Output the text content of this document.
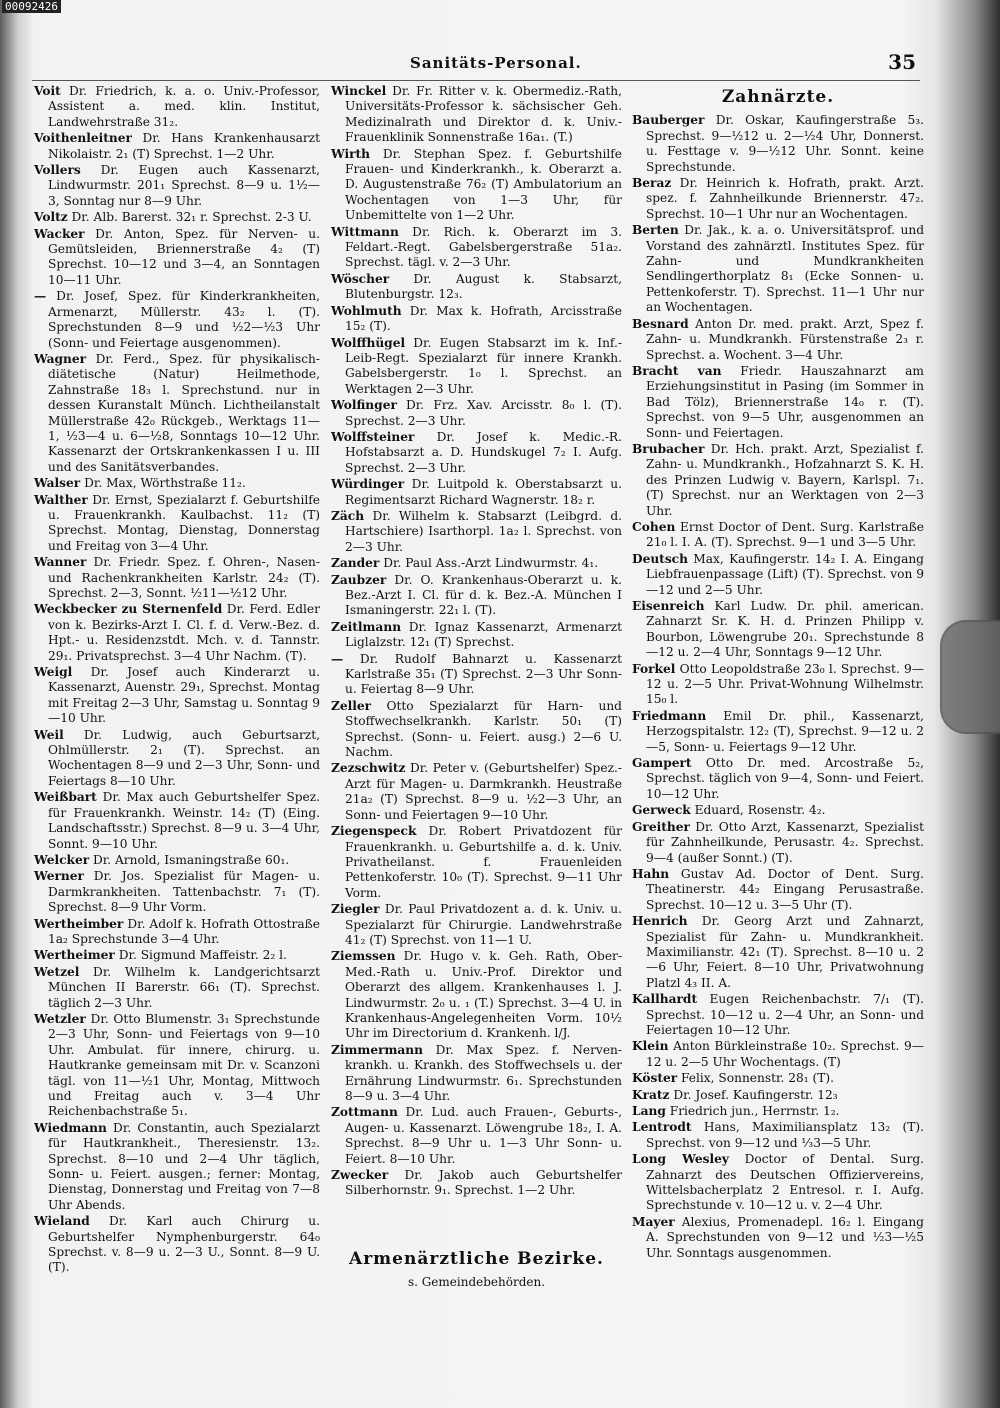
00092426
Sanitäts-Personal.	35

Voit Dr. Friedrich, k. a. o. Univ.-Professor, Assistent a. med. klin. Institut, Landwehrstraße 31₂.

Voithenleitner Dr. Hans Krankenhausarzt Nikolaistr. 2₁ (T) Sprechst. 1—2 Uhr.

Vollers Dr. Eugen auch Kassenarzt, Lindwurmstr. 201₁ Sprechst. 8—9 u. 1½—3, Sonntag nur 8—9 Uhr.

Voltz Dr. Alb. Barerst. 32₁ r. Sprechst. 2-3 U.

Wacker Dr. Anton, Spez. für Nerven- u. Gemütsleiden, Briennerstraße 4₂ (T) Sprechst. 10—12 und 3—4, an Sonntagen 10—11 Uhr.

— Dr. Josef, Spez. für Kinderkrankheiten, Armenarzt, Müllerstr. 43₂ l. (T). Sprechstunden 8—9 und ½2—½3 Uhr (Sonn- und Feiertage ausgenommen).

Wagner Dr. Ferd., Spez. für physikalisch-diätetische (Natur) Heilmethode, Zahnstraße 18₃ l. Sprechstund. nur in dessen Kuranstalt Münch. Lichtheilanstalt Müllerstraße 42₀ Rückgeb., Werktags 11—1, ½3—4 u. 6—½8, Sonntags 10—12 Uhr. Kassenarzt der Ortskrankenkassen I u. III und des Sanitätsverbandes.

Walser Dr. Max, Wörthstraße 11₂.

Walther Dr. Ernst, Spezialarzt f. Geburtshilfe u. Frauenkrankh. Kaulbachst. 11₂ (T) Sprechst. Montag, Dienstag, Donnerstag und Freitag von 3—4 Uhr.

Wanner Dr. Friedr. Spez. f. Ohren-, Nasen- und Rachenkrankheiten Karlstr. 24₂ (T). Sprechst. 2—3, Sonnt. ½11—½12 Uhr.

Weckbecker zu Sternenfeld Dr. Ferd. Edler von k. Bezirks-Arzt I. Cl. f. d. Verw.-Bez. d. Hpt.- u. Residenzstdt. Mch. v. d. Tannstr. 29₁. Privatsprechst. 3—4 Uhr Nachm. (T).

Weigl Dr. Josef auch Kinderarzt u. Kassenarzt, Auenstr. 29₁, Sprechst. Montag mit Freitag 2—3 Uhr, Samstag u. Sonntag 9—10 Uhr.

Weil Dr. Ludwig, auch Geburtsarzt, Ohlmüllerstr. 2₁ (T). Sprechst. an Wochentagen 8—9 und 2—3 Uhr, Sonn- und Feiertags 8—10 Uhr.

Weißbart Dr. Max auch Geburtshelfer Spez. für Frauenkrankh. Weinstr. 14₂ (T) (Eing. Landschaftsstr.) Sprechst. 8—9 u. 3—4 Uhr, Sonnt. 9—10 Uhr.

Welcker Dr. Arnold, Ismaningstraße 60₁.

Werner Dr. Jos. Spezialist für Magen- u. Darmkrankheiten. Tattenbachstr. 7₁ (T). Sprechst. 8—9 Uhr Vorm.

Wertheimber Dr. Adolf k. Hofrath Ottostraße 1a₂ Sprechstunde 3—4 Uhr.

Wertheimer Dr. Sigmund Maffeistr. 2₂ l.

Wetzel Dr. Wilhelm k. Landgerichtsarzt München II Barerstr. 66₁ (T). Sprechst. täglich 2—3 Uhr.

Wetzler Dr. Otto Blumenstr. 3₁ Sprechstunde 2—3 Uhr, Sonn- und Feiertags von 9—10 Uhr. Ambulat. für innere, chirurg. u. Hautkranke gemeinsam mit Dr. v. Scanzoni tägl. von 11—½1 Uhr, Montag, Mittwoch und Freitag auch v. 3—4 Uhr Reichenbachstraße 5₁.

Wiedmann Dr. Constantin, auch Spezialarzt für Hautkrankheit., Theresienstr. 13₂. Sprechst. 8—10 und 2—4 Uhr täglich, Sonn- u. Feiert. ausgen.; ferner: Montag, Dienstag, Donnerstag und Freitag von 7—8 Uhr Abends.

Wieland Dr. Karl auch Chirurg u. Geburtshelfer Nymphenburgerstr. 64₀ Sprechst. v. 8—9 u. 2—3 U., Sonnt. 8—9 U. (T).

Winckel Dr. Fr. Ritter v. k. Obermediz.-Rath, Universitäts-Professor k. sächsischer Geh. Medizinalrath und Direktor d. k. Univ.-Frauenklinik Sonnenstraße 16a₁. (T.)

Wirth Dr. Stephan Spez. f. Geburtshilfe Frauen- und Kinderkrankh., k. Oberarzt a. D. Augustenstraße 76₂ (T) Ambulatorium an Wochentagen von 1—3 Uhr, für Unbemittelte von 1—2 Uhr.

Wittmann Dr. Rich. k. Oberarzt im 3. Feldart.-Regt. Gabelsbergerstraße 51a₂. Sprechst. tägl. v. 2—3 Uhr.

Wöscher Dr. August k. Stabsarzt, Blutenburgstr. 12₃.

Wohlmuth Dr. Max k. Hofrath, Arcisstraße 15₂ (T).

Wolffhügel Dr. Eugen Stabsarzt im k. Inf.-Leib-Regt. Spezialarzt für innere Krankh. Gabelsbergerstr. 1₀ l. Sprechst. an Werktagen 2—3 Uhr.

Wolfinger Dr. Frz. Xav. Arcisstr. 8₀ l. (T). Sprechst. 2—3 Uhr.

Wolffsteiner Dr. Josef k. Medic.-R. Hofstabsarzt a. D. Hundskugel 7₂ I. Aufg. Sprechst. 2—3 Uhr.

Würdinger Dr. Luitpold k. Oberstabsarzt u. Regimentsarzt Richard Wagnerstr. 18₂ r.

Zäch Dr. Wilhelm k. Stabsarzt (Leibgrd. d. Hartschiere) Isarthorpl. 1a₂ l. Sprechst. von 2—3 Uhr.

Zander Dr. Paul Ass.-Arzt Lindwurmstr. 4₁.

Zaubzer Dr. O. Krankenhaus-Oberarzt u. k. Bez.-Arzt I. Cl. für d. k. Bez.-A. München I Ismaningerstr. 22₁ l. (T).

Zeitlmann Dr. Ignaz Kassenarzt, Armenarzt Liglalzstr. 12₁ (T) Sprechst.

— Dr. Rudolf Bahnarzt u. Kassenarzt Karlstraße 35₁ (T) Sprechst. 2—3 Uhr Sonn- u. Feiertag 8—9 Uhr.

Zeller Otto Spezialarzt für Harn- und Stoffwechselkrankh. Karlstr. 50₁ (T) Sprechst. (Sonn- u. Feiert. ausg.) 2—6 U. Nachm.

Zezschwitz Dr. Peter v. (Geburtshelfer) Spez.-Arzt für Magen- u. Darmkrankh. Heustraße 21a₂ (T) Sprechst. 8—9 u. ½2—3 Uhr, an Sonn- und Feiertagen 9—10 Uhr.

Ziegenspeck Dr. Robert Privatdozent für Frauenkrankh. u. Geburtshilfe a. d. k. Univ. Privatheilanst. f. Frauenleiden Pettenkoferstr. 10₀ (T). Sprechst. 9—11 Uhr Vorm.

Ziegler Dr. Paul Privatdozent a. d. k. Univ. u. Spezialarzt für Chirurgie. Landwehrstraße 41₂ (T) Sprechst. von 11—1 U.

Ziemssen Dr. Hugo v. k. Geh. Rath, Ober-Med.-Rath u. Univ.-Prof. Direktor und Oberarzt des allgem. Krankenhauses l. J. Lindwurmstr. 2₀ u. ₁ (T.) Sprechst. 3—4 U. in Krankenhaus-Angelegenheiten Vorm. 10½ Uhr im Directorium d. Krankenh. l/J.

Zimmermann Dr. Max Spez. f. Nerven-krankh. u. Krankh. des Stoffwechsels u. der Ernährung Lindwurmstr. 6₁. Sprechstunden 8—9 u. 3—4 Uhr.

Zottmann Dr. Lud. auch Frauen-, Geburts-, Augen- u. Kassenarzt. Löwengrube 18₂, I. A. Sprechst. 8—9 Uhr u. 1—3 Uhr Sonn- u. Feiert. 8—10 Uhr.

Zwecker Dr. Jakob auch Geburtshelfer Silberhornstr. 9₁. Sprechst. 1—2 Uhr.

Armenärztliche Bezirke.
s. Gemeindebehörden.
Zahnärzte.

Bauberger Dr. Oskar, Kaufingerstraße 5₃. Sprechst. 9—½12 u. 2—½4 Uhr, Donnerst. u. Festtage v. 9—½12 Uhr. Sonnt. keine Sprechstunde.

Beraz Dr. Heinrich k. Hofrath, prakt. Arzt. spez. f. Zahnheilkunde Briennerstr. 47₂. Sprechst. 10—1 Uhr nur an Wochentagen.

Berten Dr. Jak., k. a. o. Universitätsprof. und Vorstand des zahnärztl. Institutes Spez. für Zahn- und Mundkrankheiten Sendlingerthorplatz 8₁ (Ecke Sonnen- u. Pettenkoferstr. T). Sprechst. 11—1 Uhr nur an Wochentagen.

Besnard Anton Dr. med. prakt. Arzt, Spez f. Zahn- u. Mundkrankh. Fürstenstraße 2₃ r. Sprechst. a. Wochent. 3—4 Uhr.

Bracht van Friedr. Hauszahnarzt am Erziehungsinstitut in Pasing (im Sommer in Bad Tölz), Briennerstraße 14₀ r. (T). Sprechst. von 9—5 Uhr, ausgenommen an Sonn- und Feiertagen.

Brubacher Dr. Hch. prakt. Arzt, Spezialist f. Zahn- u. Mundkrankh., Hofzahnarzt S. K. H. des Prinzen Ludwig v. Bayern, Karlspl. 7₁. (T) Sprechst. nur an Werktagen von 2—3 Uhr.

Cohen Ernst Doctor of Dent. Surg. Karlstraße 21₀ l. I. A. (T). Sprechst. 9—1 und 3—5 Uhr.

Deutsch Max, Kaufingerstr. 14₂ I. A. Eingang Liebfrauenpassage (Lift) (T). Sprechst. von 9—12 und 2—5 Uhr.

Eisenreich Karl Ludw. Dr. phil. american. Zahnarzt Sr. K. H. d. Prinzen Philipp v. Bourbon, Löwengrube 20₁. Sprechstunde 8—12 u. 2—4 Uhr, Sonntags 9—12 Uhr.

Forkel Otto Leopoldstraße 23₀ l. Sprechst. 9—12 u. 2—5 Uhr. Privat-Wohnung Wilhelmstr. 15₀ l.

Friedmann Emil Dr. phil., Kassenarzt, Herzogspitalstr. 12₂ (T), Sprechst. 9—12 u. 2—5, Sonn- u. Feiertags 9—12 Uhr.

Gampert Otto Dr. med. Arcostraße 5₂, Sprechst. täglich von 9—4, Sonn- und Feiert. 10—12 Uhr.

Gerweck Eduard, Rosenstr. 4₂.

Greither Dr. Otto Arzt, Kassenarzt, Spezialist für Zahnheilkunde, Perusastr. 4₂. Sprechst. 9—4 (außer Sonnt.) (T).

Hahn Gustav Ad. Doctor of Dent. Surg. Theatinerstr. 44₂ Eingang Perusastraße. Sprechst. 10—12 u. 3—5 Uhr (T).

Henrich Dr. Georg Arzt und Zahnarzt, Spezialist für Zahn- u. Mundkrankheit. Maximilianstr. 42₁ (T). Sprechst. 8—10 u. 2—6 Uhr, Feiert. 8—10 Uhr, Privatwohnung Platzl 4₃ II. A.

Kallhardt Eugen Reichenbachstr. 7/₁ (T). Sprechst. 10—12 u. 2—4 Uhr, an Sonn- und Feiertagen 10—12 Uhr.

Klein Anton Bürkleinstraße 10₂. Sprechst. 9—12 u. 2—5 Uhr Wochentags. (T)

Köster Felix, Sonnenstr. 28₁ (T).

Kratz Dr. Josef. Kaufingerstr. 12₃

Lang Friedrich jun., Herrnstr. 1₂.

Lentrodt Hans, Maximiliansplatz 13₂ (T). Sprechst. von 9—12 und ⅓3—5 Uhr.

Long Wesley Doctor of Dental. Surg. Zahnarzt des Deutschen Offiziervereins, Wittelsbacherplatz 2 Entresol. r. I. Aufg. Sprechstunde v. 10—12 u. v. 2—4 Uhr.

Mayer Alexius, Promenadepl. 16₂ l. Eingang A. Sprechstunden von 9—12 und ½3—½5 Uhr. Sonntags ausgenommen.
